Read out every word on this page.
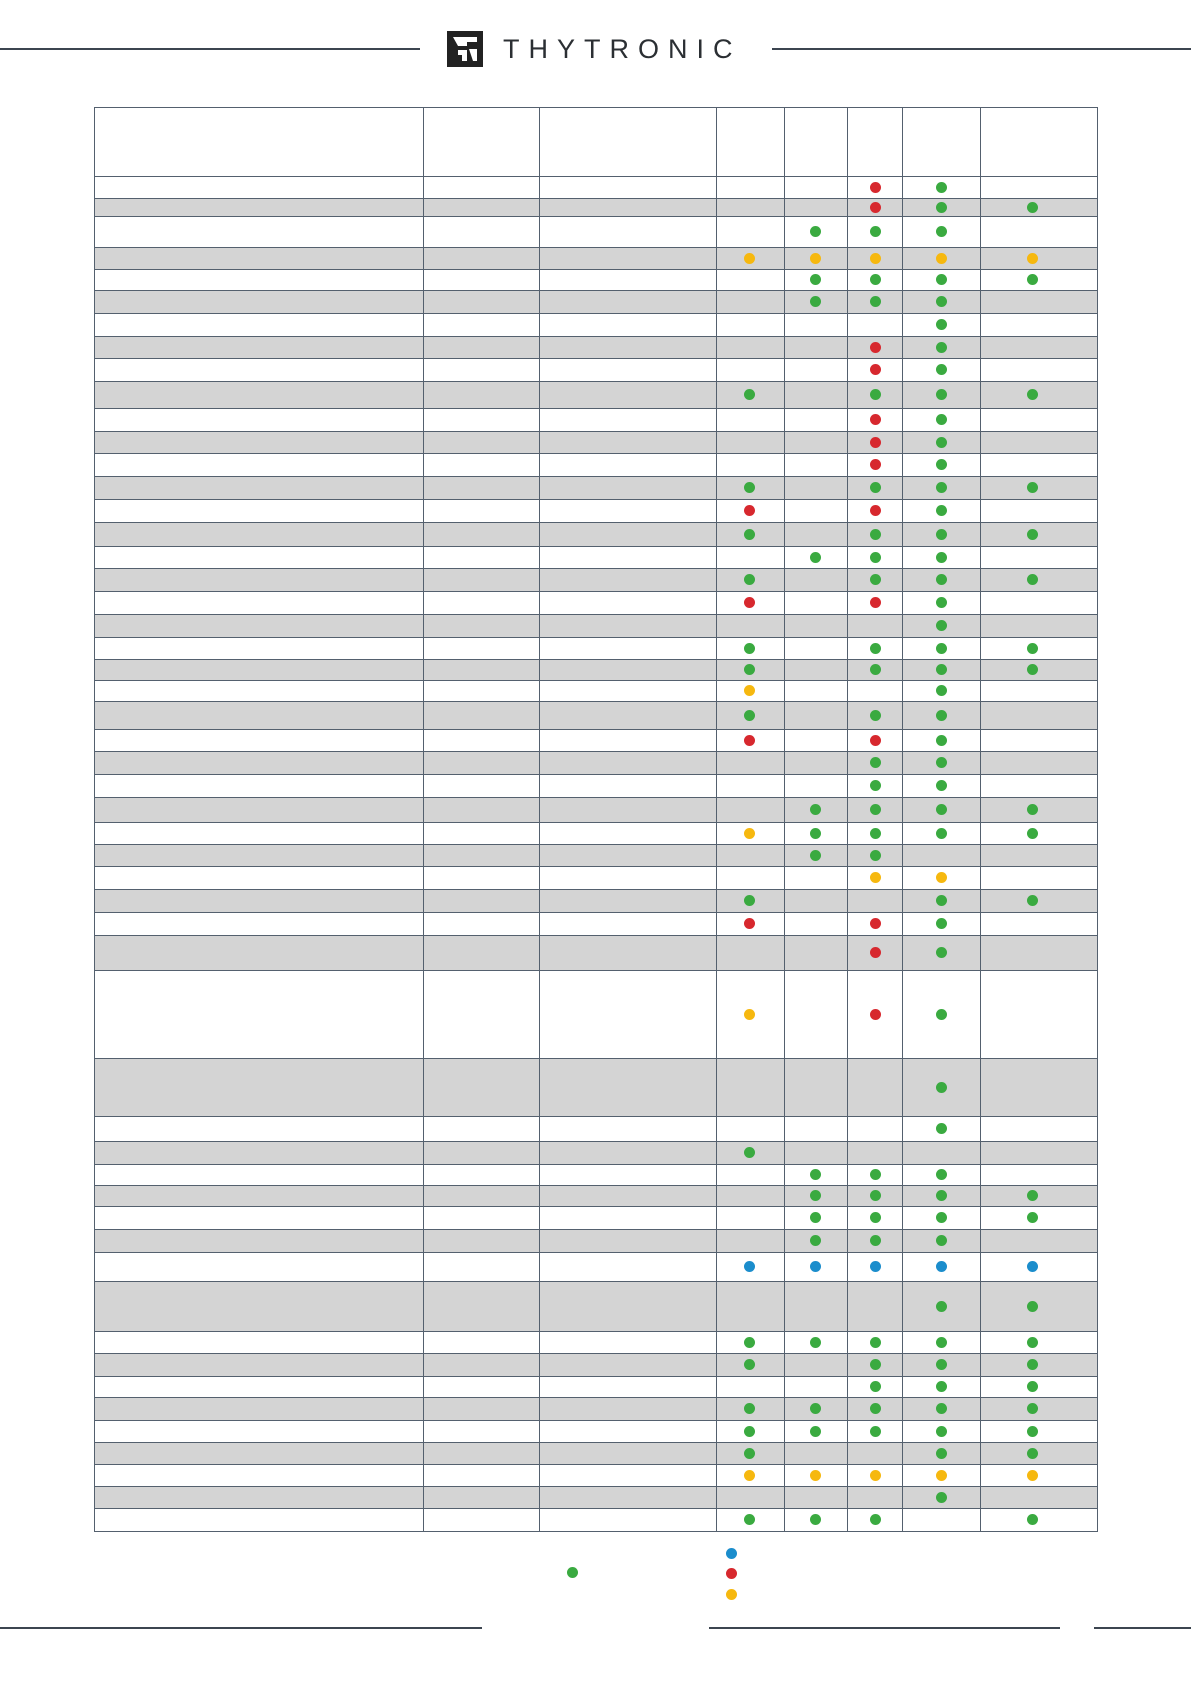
THYTRONIC
